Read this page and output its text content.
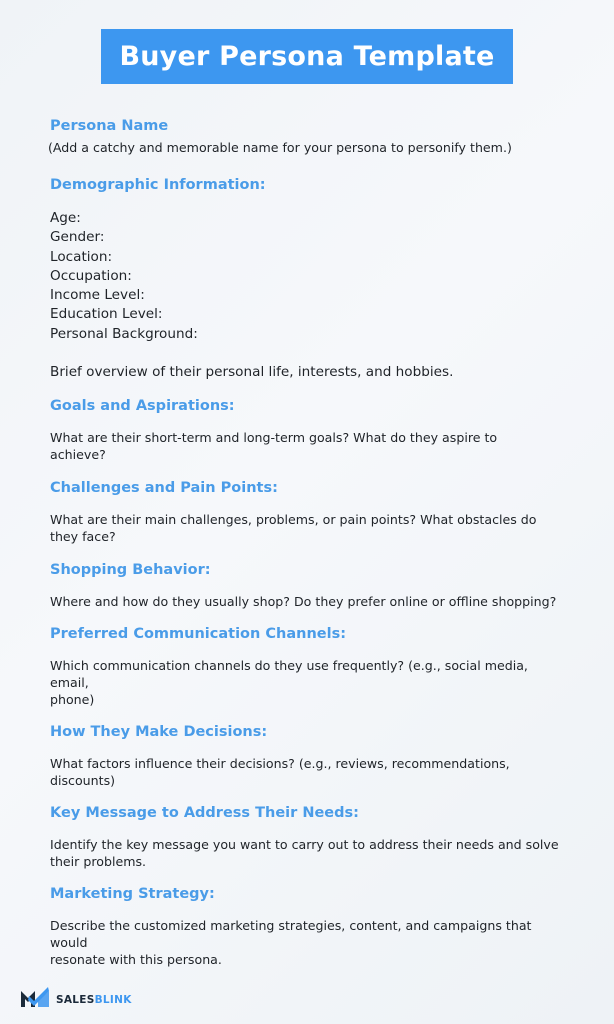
Buyer Persona Template

Persona Name

(Add a catchy and memorable name for your persona to personify them.)

Demographic Information:

Age:

Gender:

Location:

Occupation:

Income Level:

Education Level:

Personal Background:

Brief overview of their personal life, interests, and hobbies.

Goals and Aspirations:

What are their short-term and long-term goals? What do they aspire to

achieve?

Challenges and Pain Points:

What are their main challenges, problems, or pain points? What obstacles do

they face?

Shopping Behavior:

Where and how do they usually shop? Do they prefer online or offline shopping?

Preferred Communication Channels:

Which communication channels do they use frequently? (e.g., social media, email,

phone)

How They Make Decisions:

What factors influence their decisions? (e.g., reviews, recommendations,

discounts)

Key Message to Address Their Needs:

Identify the key message you want to carry out to address their needs and solve

their problems.

Marketing Strategy:

Describe the customized marketing strategies, content, and campaigns that would

resonate with this persona.

SALESBLINK
